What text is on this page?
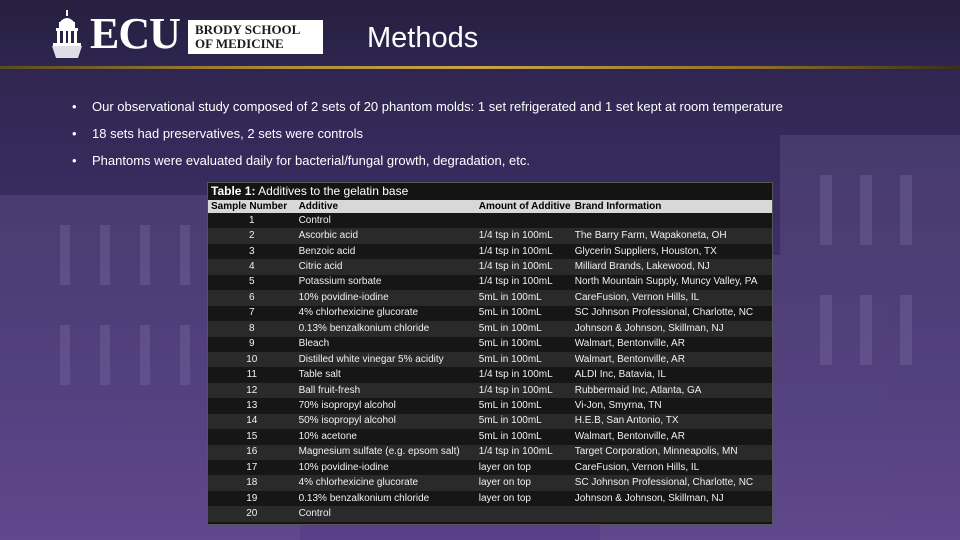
ECU BRODY SCHOOL
OF MEDICINE	Methods
• Our observational study composed of 2 sets of 20 phantom molds: 1 set refrigerated and 1 set kept at room temperature
• 18 sets had preservatives, 2 sets were controls
• Phantoms were evaluated daily for bacterial/fungal growth, degradation, etc.
Table 1: Additives to the gelatin base
Sample Number	Additive	Amount of Additive	Brand Information
1	Control		
2	Ascorbic acid	1/4 tsp in 100mL	The Barry Farm, Wapakoneta, OH
3	Benzoic acid	1/4 tsp in 100mL	Glycerin Suppliers, Houston, TX
4	Citric acid	1/4 tsp in 100mL	Milliard Brands, Lakewood, NJ
5	Potassium sorbate	1/4 tsp in 100mL	North Mountain Supply, Muncy Valley, PA
6	10% povidine-iodine	5mL in 100mL	CareFusion, Vernon Hills, IL
7	4% chlorhexicine glucorate	5mL in 100mL	SC Johnson Professional, Charlotte, NC
8	0.13% benzalkonium chloride	5mL in 100mL	Johnson & Johnson, Skillman, NJ
9	Bleach	5mL in 100mL	Walmart, Bentonville, AR
10	Distilled white vinegar 5% acidity	5mL in 100mL	Walmart, Bentonville, AR
11	Table salt	1/4 tsp in 100mL	ALDI Inc, Batavia, IL
12	Ball fruit-fresh	1/4 tsp in 100mL	Rubbermaid Inc, Atlanta, GA
13	70% isopropyl alcohol	5mL in 100mL	Vi-Jon, Smyrna, TN
14	50% isopropyl alcohol	5mL in 100mL	H.E.B, San Antonio, TX
15	10% acetone	5mL in 100mL	Walmart, Bentonville, AR
16	Magnesium sulfate (e.g. epsom salt)	1/4 tsp in 100mL	Target Corporation, Minneapolis, MN
17	10% povidine-iodine	layer on top	CareFusion, Vernon Hills, IL
18	4% chlorhexicine glucorate	layer on top	SC Johnson Professional, Charlotte, NC
19	0.13% benzalkonium chloride	layer on top	Johnson & Johnson, Skillman, NJ
20	Control		
